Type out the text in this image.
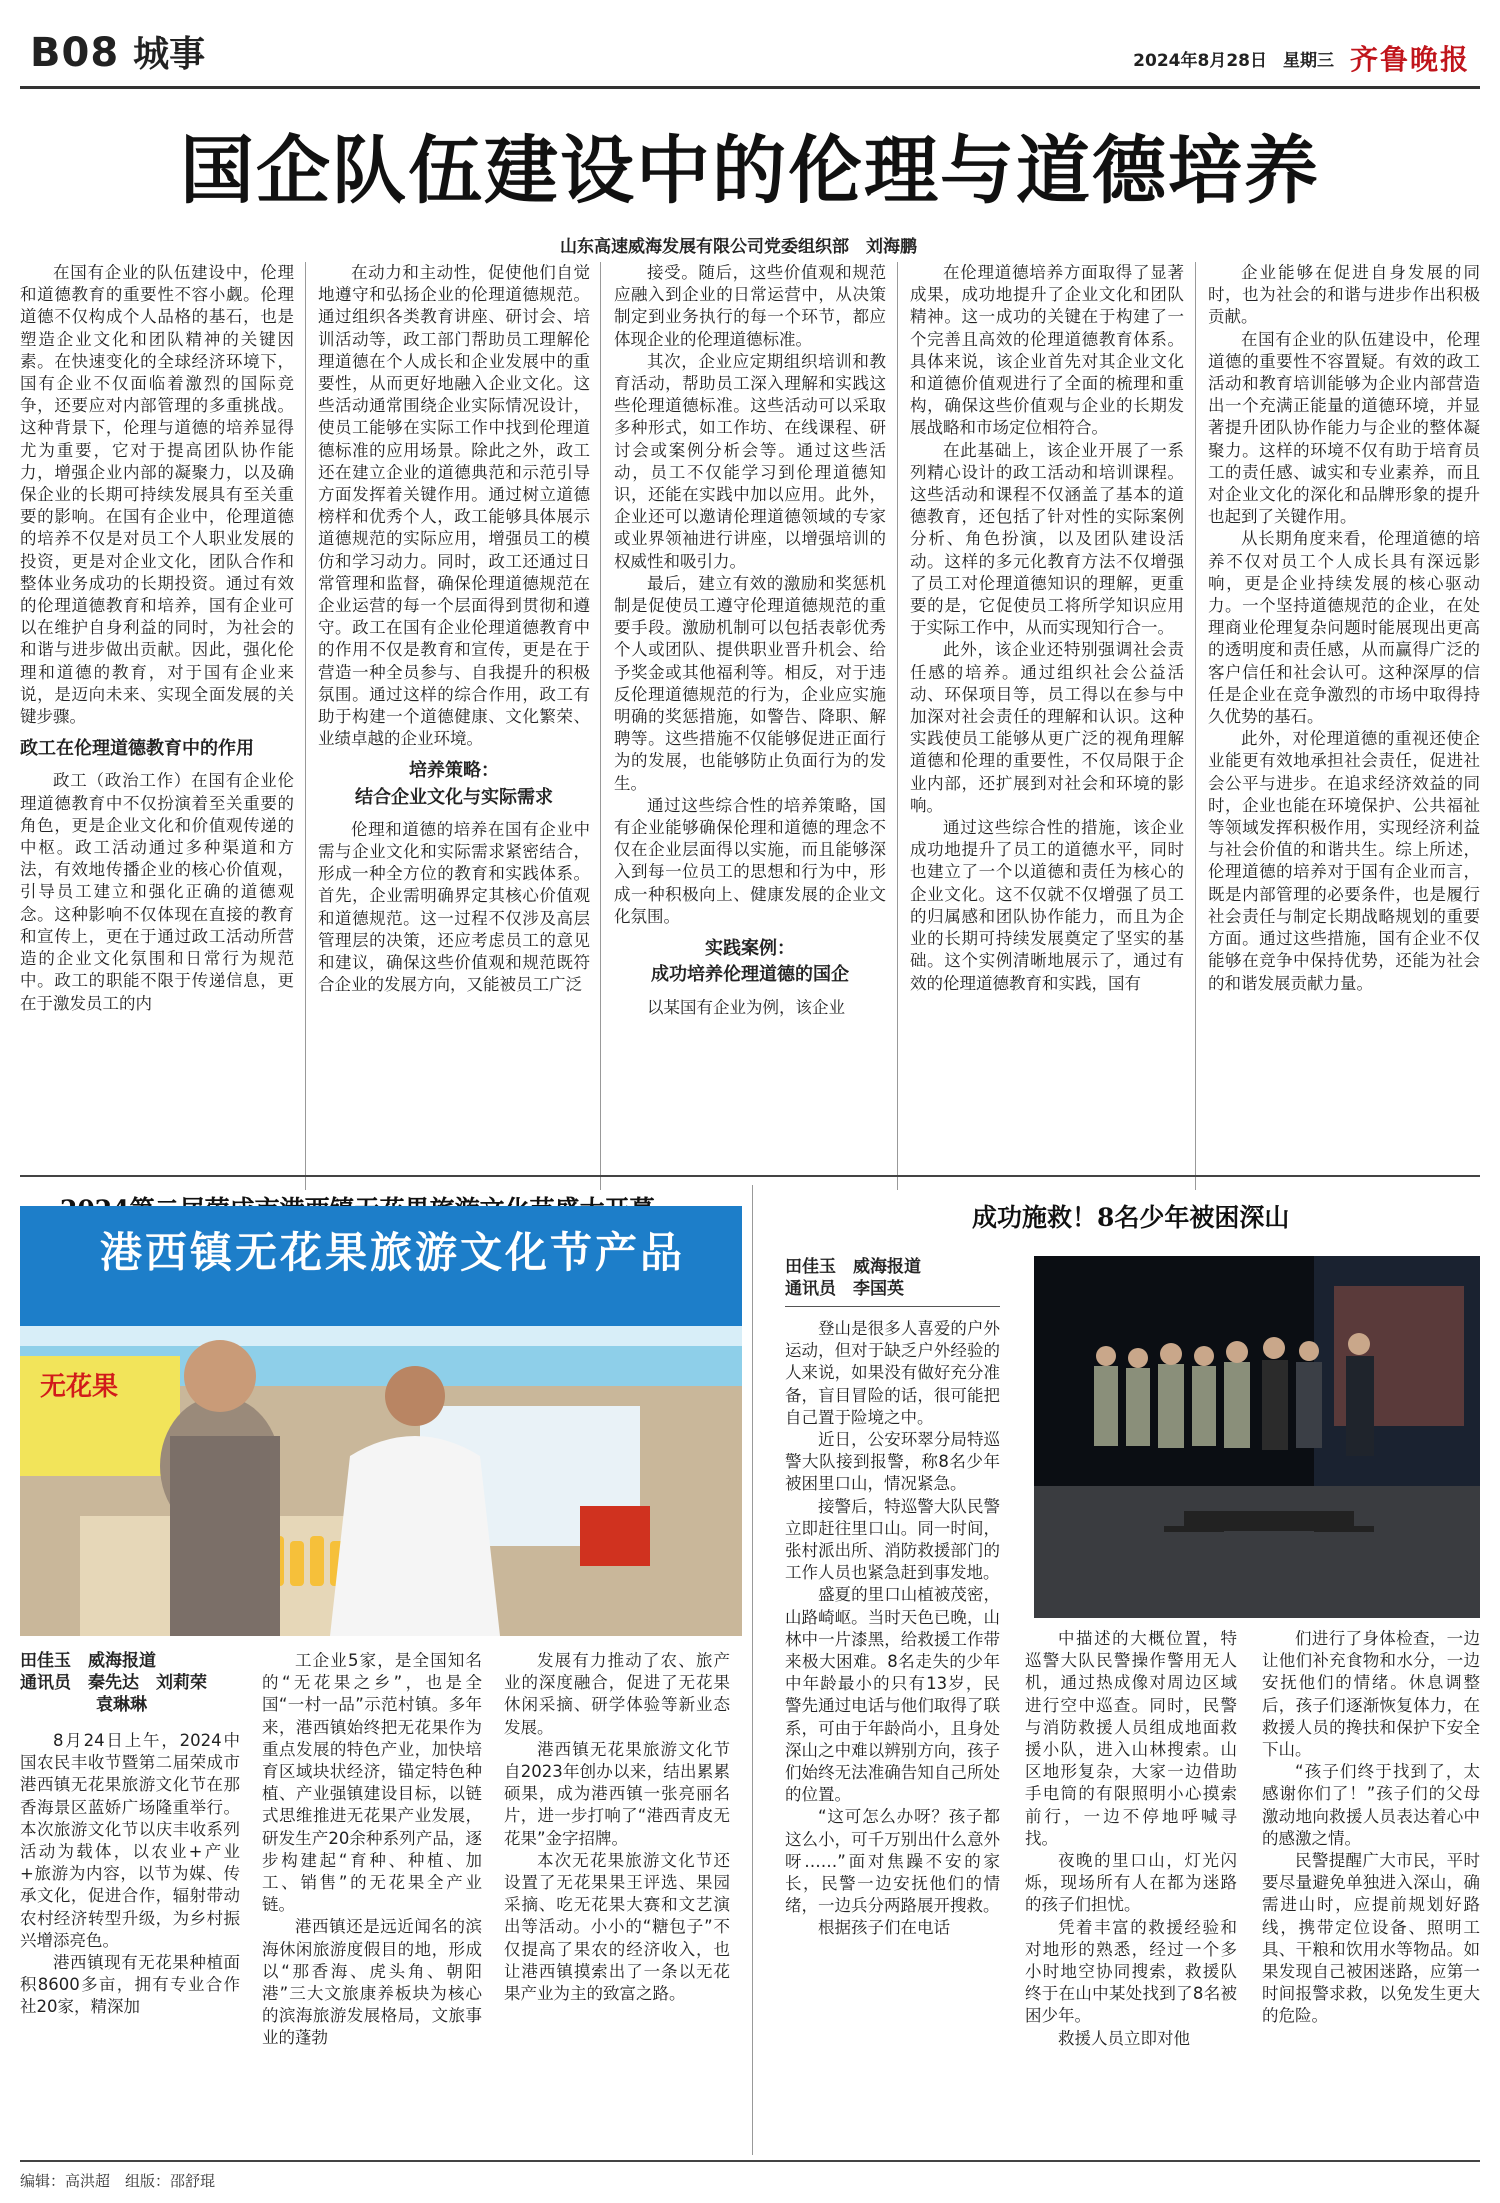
B08 城事	2024年8月28日 星期三 齐鲁晚报
国企队伍建设中的伦理与道德培养
山东高速威海发展有限公司党委组织部　刘海鹏

在国有企业的队伍建设中，伦理和道德教育的重要性不容小觑。伦理道德不仅构成个人品格的基石，也是塑造企业文化和团队精神的关键因素。在快速变化的全球经济环境下，国有企业不仅面临着激烈的国际竞争，还要应对内部管理的多重挑战。这种背景下，伦理与道德的培养显得尤为重要，它对于提高团队协作能力，增强企业内部的凝聚力，以及确保企业的长期可持续发展具有至关重要的影响。在国有企业中，伦理道德的培养不仅是对员工个人职业发展的投资，更是对企业文化，团队合作和整体业务成功的长期投资。通过有效的伦理道德教育和培养，国有企业可以在维护自身利益的同时，为社会的和谐与进步做出贡献。因此，强化伦理和道德的教育，对于国有企业来说，是迈向未来、实现全面发展的关键步骤。

政工在伦理道德教育中的作用

政工（政治工作）在国有企业伦理道德教育中不仅扮演着至关重要的角色，更是企业文化和价值观传递的中枢。政工活动通过多种渠道和方法，有效地传播企业的核心价值观，引导员工建立和强化正确的道德观念。这种影响不仅体现在直接的教育和宣传上，更在于通过政工活动所营造的企业文化氛围和日常行为规范中。政工的职能不限于传递信息，更在于激发员工的内

在动力和主动性，促使他们自觉地遵守和弘扬企业的伦理道德规范。通过组织各类教育讲座、研讨会、培训活动等，政工部门帮助员工理解伦理道德在个人成长和企业发展中的重要性，从而更好地融入企业文化。这些活动通常围绕企业实际情况设计，使员工能够在实际工作中找到伦理道德标准的应用场景。除此之外，政工还在建立企业的道德典范和示范引导方面发挥着关键作用。通过树立道德榜样和优秀个人，政工能够具体展示道德规范的实际应用，增强员工的模仿和学习动力。同时，政工还通过日常管理和监督，确保伦理道德规范在企业运营的每一个层面得到贯彻和遵守。政工在国有企业伦理道德教育中的作用不仅是教育和宣传，更是在于营造一种全员参与、自我提升的积极氛围。通过这样的综合作用，政工有助于构建一个道德健康、文化繁荣、业绩卓越的企业环境。

培养策略：
结合企业文化与实际需求

伦理和道德的培养在国有企业中需与企业文化和实际需求紧密结合，形成一种全方位的教育和实践体系。首先，企业需明确界定其核心价值观和道德规范。这一过程不仅涉及高层管理层的决策，还应考虑员工的意见和建议，确保这些价值观和规范既符合企业的发展方向，又能被员工广泛

接受。随后，这些价值观和规范应融入到企业的日常运营中，从决策制定到业务执行的每一个环节，都应体现企业的伦理道德标准。

其次，企业应定期组织培训和教育活动，帮助员工深入理解和实践这些伦理道德标准。这些活动可以采取多种形式，如工作坊、在线课程、研讨会或案例分析会等。通过这些活动，员工不仅能学习到伦理道德知识，还能在实践中加以应用。此外，企业还可以邀请伦理道德领域的专家或业界领袖进行讲座，以增强培训的权威性和吸引力。

最后，建立有效的激励和奖惩机制是促使员工遵守伦理道德规范的重要手段。激励机制可以包括表彰优秀个人或团队、提供职业晋升机会、给予奖金或其他福利等。相反，对于违反伦理道德规范的行为，企业应实施明确的奖惩措施，如警告、降职、解聘等。这些措施不仅能够促进正面行为的发展，也能够防止负面行为的发生。

通过这些综合性的培养策略，国有企业能够确保伦理和道德的理念不仅在企业层面得以实施，而且能够深入到每一位员工的思想和行为中，形成一种积极向上、健康发展的企业文化氛围。

实践案例：
成功培养伦理道德的国企

以某国有企业为例，该企业

在伦理道德培养方面取得了显著成果，成功地提升了企业文化和团队精神。这一成功的关键在于构建了一个完善且高效的伦理道德教育体系。具体来说，该企业首先对其企业文化和道德价值观进行了全面的梳理和重构，确保这些价值观与企业的长期发展战略和市场定位相符合。

在此基础上，该企业开展了一系列精心设计的政工活动和培训课程。这些活动和课程不仅涵盖了基本的道德教育，还包括了针对性的实际案例分析、角色扮演，以及团队建设活动。这样的多元化教育方法不仅增强了员工对伦理道德知识的理解，更重要的是，它促使员工将所学知识应用于实际工作中，从而实现知行合一。

此外，该企业还特别强调社会责任感的培养。通过组织社会公益活动、环保项目等，员工得以在参与中加深对社会责任的理解和认识。这种实践使员工能够从更广泛的视角理解道德和伦理的重要性，不仅局限于企业内部，还扩展到对社会和环境的影响。

通过这些综合性的措施，该企业成功地提升了员工的道德水平，同时也建立了一个以道德和责任为核心的企业文化。这不仅就不仅增强了员工的归属感和团队协作能力，而且为企业的长期可持续发展奠定了坚实的基础。这个实例清晰地展示了，通过有效的伦理道德教育和实践，国有

企业能够在促进自身发展的同时，也为社会的和谐与进步作出积极贡献。

在国有企业的队伍建设中，伦理道德的重要性不容置疑。有效的政工活动和教育培训能够为企业内部营造出一个充满正能量的道德环境，并显著提升团队协作能力与企业的整体凝聚力。这样的环境不仅有助于培育员工的责任感、诚实和专业素养，而且对企业文化的深化和品牌形象的提升也起到了关键作用。

从长期角度来看，伦理道德的培养不仅对员工个人成长具有深远影响，更是企业持续发展的核心驱动力。一个坚持道德规范的企业，在处理商业伦理复杂问题时能展现出更高的透明度和责任感，从而赢得广泛的客户信任和社会认可。这种深厚的信任是企业在竞争激烈的市场中取得持久优势的基石。

此外，对伦理道德的重视还使企业能更有效地承担社会责任，促进社会公平与进步。在追求经济效益的同时，企业也能在环境保护、公共福祉等领域发挥积极作用，实现经济利益与社会价值的和谐共生。综上所述，伦理道德的培养对于国有企业而言，既是内部管理的必要条件，也是履行社会责任与制定长期战略规划的重要方面。通过这些措施，国有企业不仅能够在竞争中保持优势，还能为社会的和谐发展贡献力量。

港西镇无花果旅游文化节产品
无花果
田佳玉　威海报道
通讯员　秦先达　刘莉荣
袁琳琳

8月24日上午，2024中国农民丰收节暨第二届荣成市港西镇无花果旅游文化节在那香海景区蓝娇广场隆重举行。本次旅游文化节以庆丰收系列活动为载体，以农业+产业+旅游为内容，以节为媒、传承文化，促进合作，辐射带动农村经济转型升级，为乡村振兴增添亮色。

港西镇现有无花果种植面积8600多亩，拥有专业合作社20家，精深加

工企业5家，是全国知名的“无花果之乡”，也是全国“一村一品”示范村镇。多年来，港西镇始终把无花果作为重点发展的特色产业，加快培育区域块状经济，锚定特色种植、产业强镇建设目标，以链式思维推进无花果产业发展，研发生产20余种系列产品，逐步构建起“育种、种植、加工、销售”的无花果全产业链。

港西镇还是远近闻名的滨海休闲旅游度假目的地，形成以“那香海、虎头角、朝阳港”三大文旅康养板块为核心的滨海旅游发展格局，文旅事业的蓬勃

发展有力推动了农、旅产业的深度融合，促进了无花果休闲采摘、研学体验等新业态发展。

港西镇无花果旅游文化节自2023年创办以来，结出累累硕果，成为港西镇一张亮丽名片，进一步打响了“港西青皮无花果”金字招牌。

本次无花果旅游文化节还设置了无花果果王评选、果园采摘、吃无花果大赛和文艺演出等活动。小小的“糖包子”不仅提高了果农的经济收入，也让港西镇摸索出了一条以无花果产业为主的致富之路。

成功施救！8名少年被困深山
田佳玉　威海报道
通讯员　李国英

登山是很多人喜爱的户外运动，但对于缺乏户外经验的人来说，如果没有做好充分准备，盲目冒险的话，很可能把自己置于险境之中。

近日，公安环翠分局特巡警大队接到报警，称8名少年被困里口山，情况紧急。

接警后，特巡警大队民警立即赶往里口山。同一时间，张村派出所、消防救援部门的工作人员也紧急赶到事发地。

盛夏的里口山植被茂密，山路崎岖。当时天色已晚，山林中一片漆黑，给救援工作带来极大困难。8名走失的少年中年龄最小的只有13岁，民警先通过电话与他们取得了联系，可由于年龄尚小，且身处深山之中难以辨别方向，孩子们始终无法准确告知自己所处的位置。

“这可怎么办呀？孩子都这么小，可千万别出什么意外呀……”面对焦躁不安的家长，民警一边安抚他们的情绪，一边兵分两路展开搜救。

根据孩子们在电话

中描述的大概位置，特巡警大队民警操作警用无人机，通过热成像对周边区域进行空中巡查。同时，民警与消防救援人员组成地面救援小队，进入山林搜索。山区地形复杂，大家一边借助手电筒的有限照明小心摸索前行，一边不停地呼喊寻找。

夜晚的里口山，灯光闪烁，现场所有人在都为迷路的孩子们担忧。

凭着丰富的救援经验和对地形的熟悉，经过一个多小时地空协同搜索，救援队终于在山中某处找到了8名被困少年。

救援人员立即对他

们进行了身体检查，一边让他们补充食物和水分，一边安抚他们的情绪。休息调整后，孩子们逐渐恢复体力，在救援人员的搀扶和保护下安全下山。

“孩子们终于找到了，太感谢你们了！”孩子们的父母激动地向救援人员表达着心中的感激之情。

民警提醒广大市民，平时要尽量避免单独进入深山，确需进山时，应提前规划好路线，携带定位设备、照明工具、干粮和饮用水等物品。如果发现自己被困迷路，应第一时间报警求救，以免发生更大的危险。

编辑：高洪超　组版：邵舒琨
